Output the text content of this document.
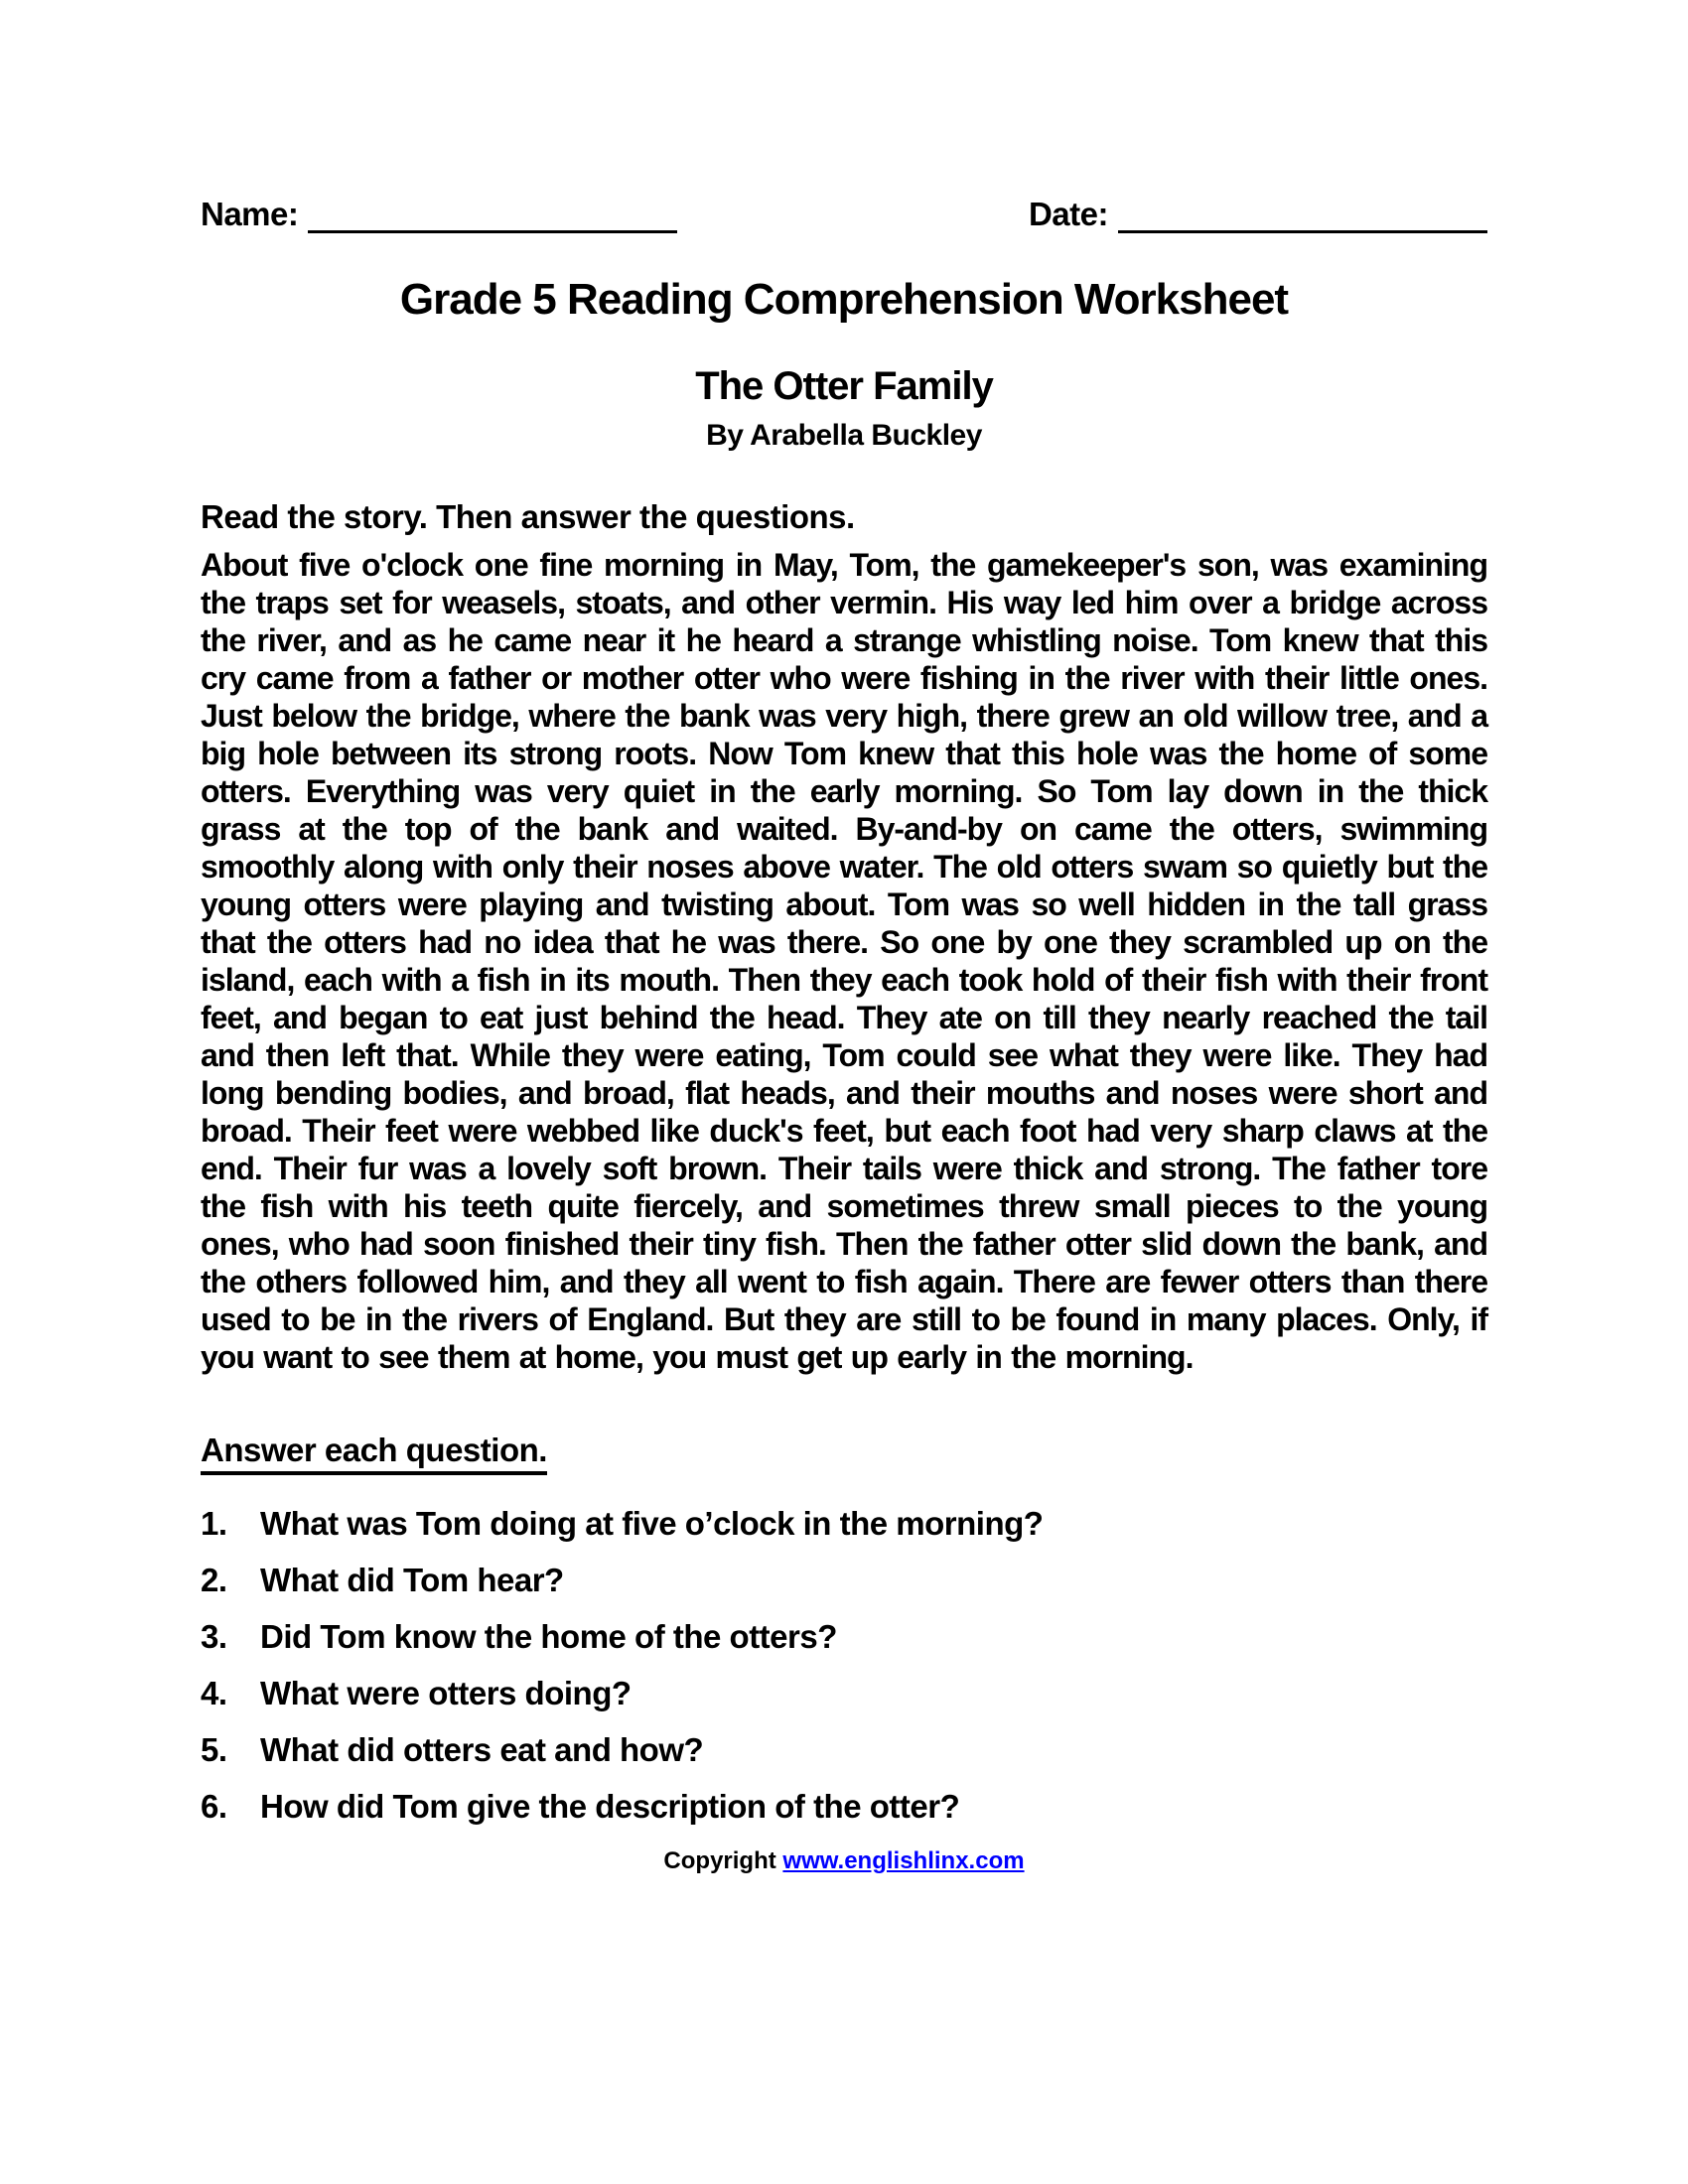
Name:	Date:
Grade 5 Reading Comprehension Worksheet
The Otter Family
By Arabella Buckley
Read the story. Then answer the questions.
About five o'clock one fine morning in May, Tom, the gamekeeper's son, was examining the traps set for weasels, stoats, and other vermin. His way led him over a bridge across the river, and as he came near it he heard a strange whistling noise. Tom knew that this cry came from a father or mother otter who were fishing in the river with their little ones. Just below the bridge, where the bank was very high, there grew an old willow tree, and a big hole between its strong roots. Now Tom knew that this hole was the home of some otters. Everything was very quiet in the early morning. So Tom lay down in the thick grass at the top of the bank and waited. By-and-by on came the otters, swimming smoothly along with only their noses above water. The old otters swam so quietly but the young otters were playing and twisting about. Tom was so well hidden in the tall grass that the otters had no idea that he was there. So one by one they scrambled up on the island, each with a fish in its mouth. Then they each took hold of their fish with their front feet, and began to eat just behind the head. They ate on till they nearly reached the tail and then left that. While they were eating, Tom could see what they were like. They had long bending bodies, and broad, flat heads, and their mouths and noses were short and broad. Their feet were webbed like duck's feet, but each foot had very sharp claws at the end. Their fur was a lovely soft brown. Their tails were thick and strong. The father tore the fish with his teeth quite fiercely, and sometimes threw small pieces to the young ones, who had soon finished their tiny fish. Then the father otter slid down the bank, and the others followed him, and they all went to fish again. There are fewer otters than there used to be in the rivers of England. But they are still to be found in many places. Only, if you want to see them at home, you must get up early in the morning.
Answer each question.
1.	What was Tom doing at five o’clock in the morning?
2.	What did Tom hear?
3.	Did Tom know the home of the otters?
4.	What were otters doing?
5.	What did otters eat and how?
6.	How did Tom give the description of the otter?
Copyright www.englishlinx.com
